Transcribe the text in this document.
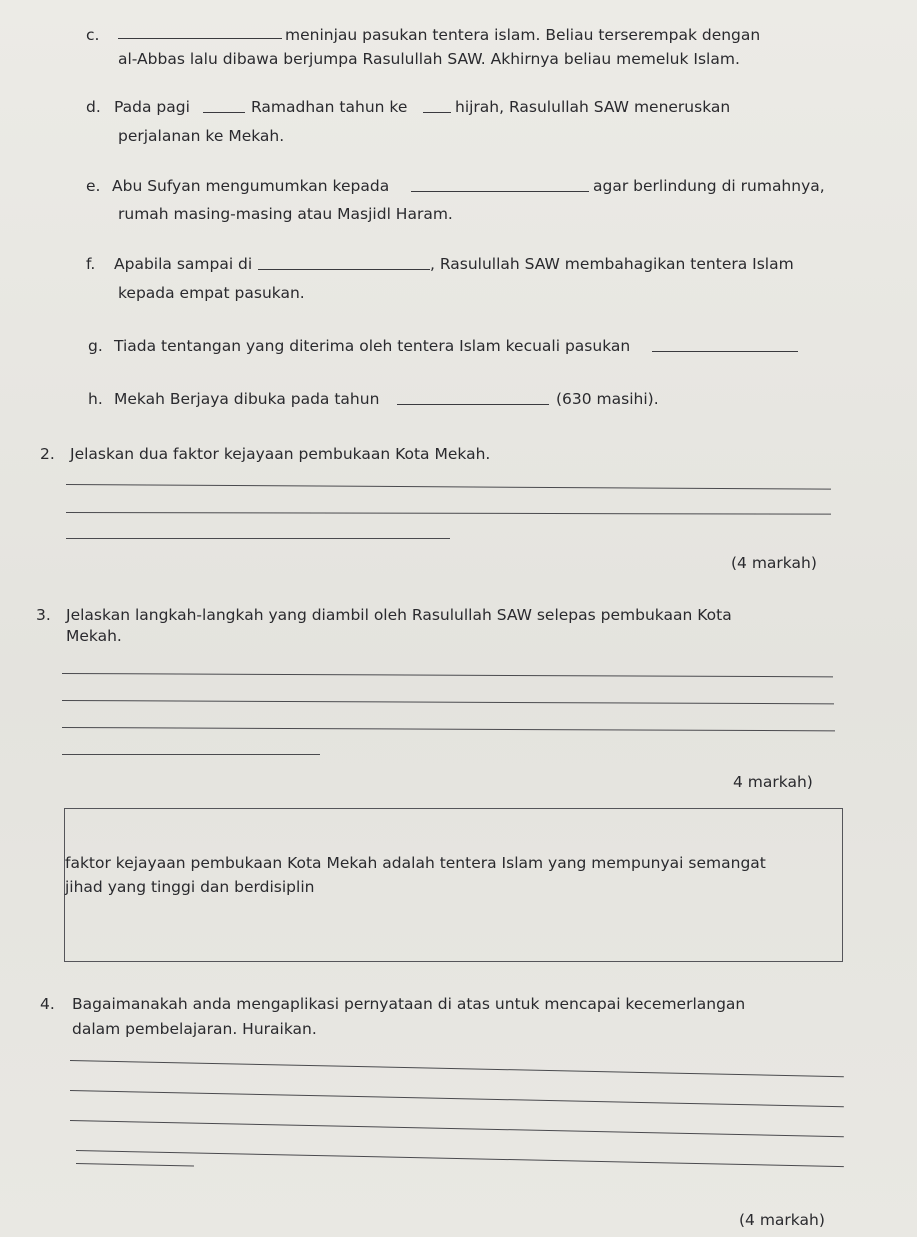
c.	meninjau pasukan tentera islam. Beliau terserempak dengan
al-Abbas lalu dibawa berjumpa Rasulullah SAW. Akhirnya beliau memeluk Islam.
d. Pada pagi	Ramadhan tahun ke	hijrah, Rasulullah SAW meneruskan
perjalanan ke Mekah.
e. Abu Sufyan mengumumkan kepada	agar berlindung di rumahnya,
rumah masing-masing atau Masjidl Haram.
f. Apabila sampai di	, Rasulullah SAW membahagikan tentera Islam
kepada empat pasukan.
g. Tiada tentangan yang diterima oleh tentera Islam kecuali pasukan
h. Mekah Berjaya dibuka pada tahun	(630 masihi).
2. Jelaskan dua faktor kejayaan pembukaan Kota Mekah.
(4 markah)
3. Jelaskan langkah-langkah yang diambil oleh Rasulullah SAW selepas pembukaan Kota
Mekah.
4 markah)
faktor kejayaan pembukaan Kota Mekah adalah tentera Islam yang mempunyai semangat
jihad yang tinggi dan berdisiplin
4. Bagaimanakah anda mengaplikasi pernyataan di atas untuk mencapai kecemerlangan
dalam pembelajaran. Huraikan.
(4 markah)
